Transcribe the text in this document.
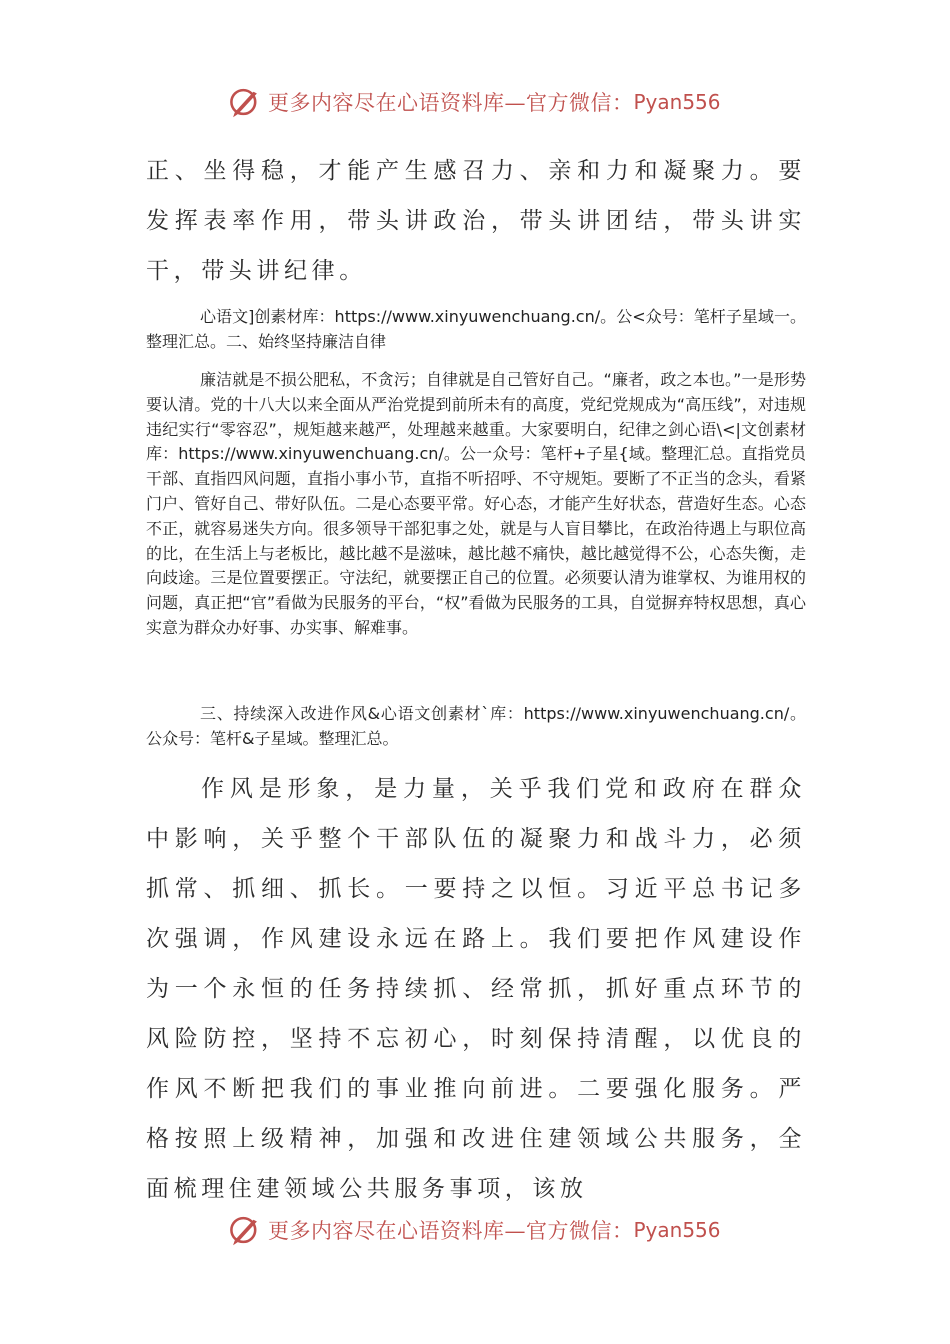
更多内容尽在心语资料库—官方微信： Pyan556

正、坐得稳，才能产生感召力、亲和力和凝聚力。要发挥表率作用，带头讲政治，带头讲团结，带头讲实干，带头讲纪律。

心语文]创素材库：https://www.xinyuwenchuang.cn/。公<众号：笔杆子星域一。整理汇总。二、始终坚持廉洁自律

廉洁就是不损公肥私，不贪污；自律就是自己管好自己。“廉者，政之本也。”一是形势要认清。党的十八大以来全面从严治党提到前所未有的高度，党纪党规成为“高压线”，对违规违纪实行“零容忍”，规矩越来越严，处理越来越重。大家要明白，纪律之剑心语\<|文创素材库：https://www.xinyuwenchuang.cn/。公一众号：笔杆+子星{域。整理汇总。直指党员干部、直指四风问题，直指小事小节，直指不听招呼、不守规矩。要断了不正当的念头，看紧门户、管好自己、带好队伍。二是心态要平常。好心态，才能产生好状态，营造好生态。心态不正，就容易迷失方向。很多领导干部犯事之处，就是与人盲目攀比，在政治待遇上与职位高的比，在生活上与老板比，越比越不是滋味，越比越不痛快，越比越觉得不公，心态失衡，走向歧途。三是位置要摆正。守法纪，就要摆正自己的位置。必须要认清为谁掌权、为谁用权的问题，真正把“官”看做为民服务的平台，“权”看做为民服务的工具，自觉摒弃特权思想，真心实意为群众办好事、办实事、解难事。

三、持续深入改进作风&心语文创素材`库：https://www.xinyuwenchuang.cn/。公众号：笔杆&子星域。整理汇总。

作风是形象，是力量，关乎我们党和政府在群众中影响，关乎整个干部队伍的凝聚力和战斗力，必须抓常、抓细、抓长。一要持之以恒。习近平总书记多次强调，作风建设永远在路上。我们要把作风建设作为一个永恒的任务持续抓、经常抓，抓好重点环节的风险防控，坚持不忘初心，时刻保持清醒，以优良的作风不断把我们的事业推向前进。二要强化服务。严格按照上级精神，加强和改进住建领域公共服务，全面梳理住建领域公共服务事项，该放

更多内容尽在心语资料库—官方微信： Pyan556
